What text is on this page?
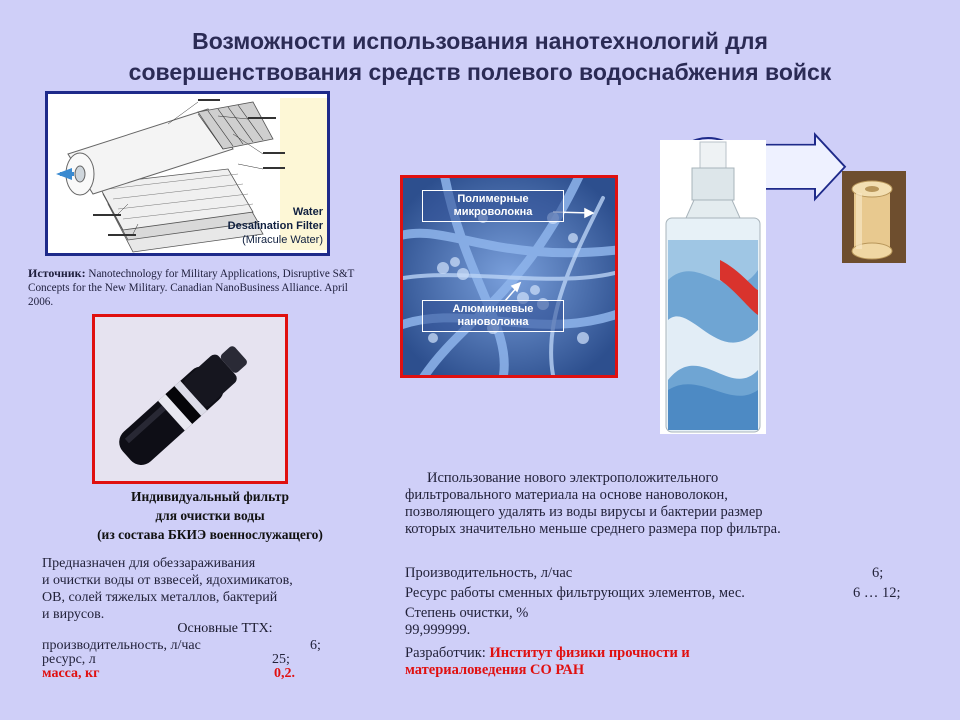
Возможности использования нанотехнологий для
совершенствования средств полевого водоснабжения войск
Water
Desalination Filter
(Miracule Water)
Источник: Nanotechnology for Military Applications, Disruptive S&T Concepts for the New Military. Canadian NanoBusiness Alliance. April 2006.
Индивидуальный фильтр
для очистки воды
(из состава БКИЭ военнослужащего)
Предназначен для обеззараживания
и очистки воды от взвесей, ядохимикатов,
ОВ, солей тяжелых металлов, бактерий
и вирусов.
Основные ТТХ:
производительность, л/час	6;
ресурс, л	25;
масса, кг	0,2.
Полимерные
микроволокна
Алюминиевые
нановолокна
Использование нового электроположительного
фильтровального материала на основе нановолокон,
позволяющего удалять из воды вирусы и бактерии размер
которых значительно меньше среднего размера пор фильтра.
Производительность, л/час	6;
Ресурс работы сменных фильтрующих элементов, мес.	6 … 12;
Степень очистки, %
99,999999.
Разработчик: Институт физики прочности и
материаловедения СО РАН
